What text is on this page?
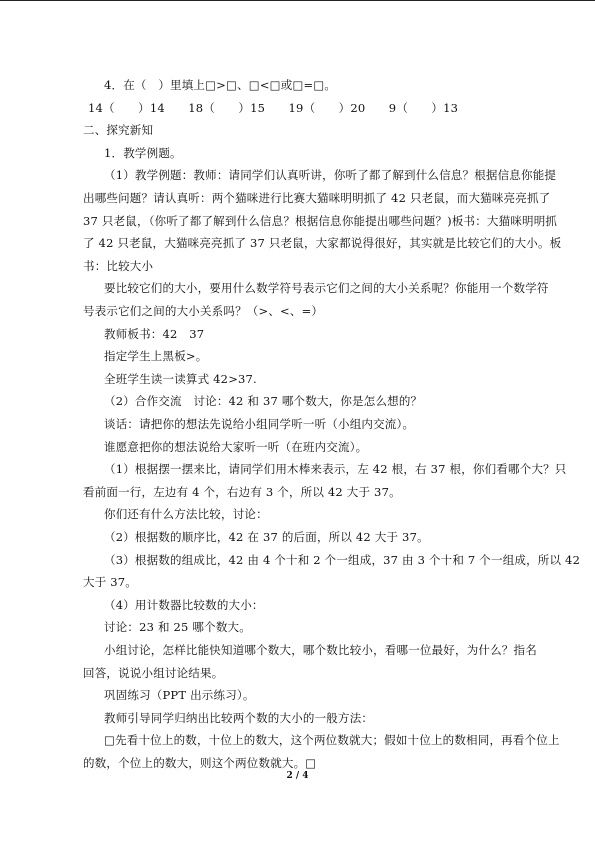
4．在（　）里填上□>□、□<□或□=□。
14（　　）14　　18（　　）15　　19（　　）20　　9（　　）13
二、探究新知
1．教学例题。
（1）教学例题：教师：请同学们认真听讲，你听了都了解到什么信息？根据信息你能提
出哪些问题？请认真听：两个猫咪进行比赛大猫咪明明抓了 42 只老鼠，而大猫咪亮亮抓了
37 只老鼠，（你听了都了解到什么信息？根据信息你能提出哪些问题？)板书：大猫咪明明抓
了 42 只老鼠，大猫咪亮亮抓了 37 只老鼠，大家都说得很好，其实就是比较它们的大小。板
书：比较大小
要比较它们的大小，要用什么数学符号表示它们之间的大小关系呢？你能用一个数学符
号表示它们之间的大小关系吗？（>、<、=）
教师板书：42　37
指定学生上黑板>。
全班学生读一读算式 42>37.
（2）合作交流　讨论：42 和 37 哪个数大，你是怎么想的？
谈话：请把你的想法先说给小组同学听一听（小组内交流）。
谁愿意把你的想法说给大家听一听（在班内交流）。
（1）根据摆一摆来比，请同学们用木棒来表示，左 42 根，右 37 根，你们看哪个大？只
看前面一行，左边有 4 个，右边有 3 个，所以 42 大于 37。
你们还有什么方法比较，讨论：
（2）根据数的顺序比，42 在 37 的后面，所以 42 大于 37。
（3）根据数的组成比，42 由 4 个十和 2 个一组成，37 由 3 个十和 7 个一组成，所以 42
大于 37。
（4）用计数器比较数的大小：
讨论：23 和 25 哪个数大。
小组讨论，怎样比能快知道哪个数大，哪个数比较小，看哪一位最好，为什么？指名
回答，说说小组讨论结果。
巩固练习（PPT 出示练习）。
教师引导同学归纳出比较两个数的大小的一般方法：
□先看十位上的数，十位上的数大，这个两位数就大；假如十位上的数相同，再看个位上
的数，个位上的数大，则这个两位数就大。□
2 / 4
